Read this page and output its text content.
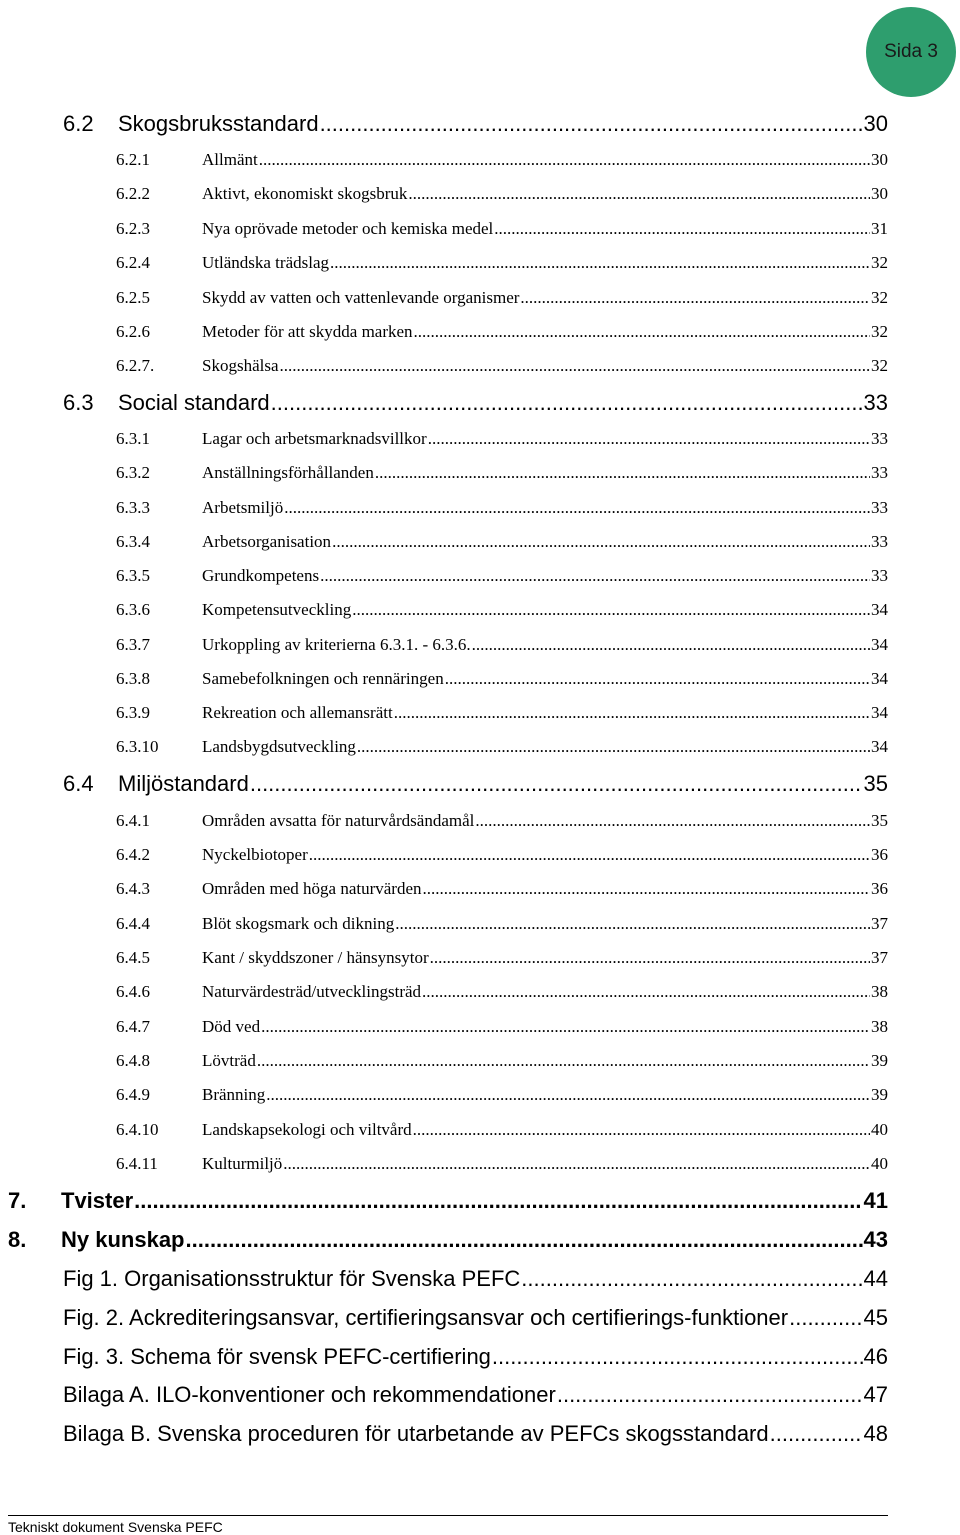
Sida 3
6.2	Skogsbruksstandard .....	30
6.2.1	Allmänt .....	30
6.2.2	Aktivt, ekonomiskt skogsbruk .....	30
6.2.3	Nya oprövade metoder och kemiska medel .....	31
6.2.4	Utländska trädslag .....	32
6.2.5	Skydd av vatten och vattenlevande organismer .....	32
6.2.6	Metoder för att skydda marken .....	32
6.2.7.	Skogshälsa .....	32
6.3	Social standard .....	33
6.3.1	Lagar och arbetsmarknadsvillkor .....	33
6.3.2	Anställningsförhållanden .....	33
6.3.3	Arbetsmiljö .....	33
6.3.4	Arbetsorganisation .....	33
6.3.5	Grundkompetens .....	33
6.3.6	Kompetensutveckling .....	34
6.3.7	Urkoppling av kriterierna 6.3.1. - 6.3.6. .....	34
6.3.8	Samebefolkningen och rennäringen .....	34
6.3.9	Rekreation och allemansrätt .....	34
6.3.10	Landsbygdsutveckling .....	34
6.4	Miljöstandard .....	35
6.4.1	Områden avsatta för naturvårdsändamål .....	35
6.4.2	Nyckelbiotoper .....	36
6.4.3	Områden med höga naturvärden .....	36
6.4.4	Blöt skogsmark och dikning .....	37
6.4.5	Kant / skyddszoner / hänsynsytor .....	37
6.4.6	Naturvärdesträd/utvecklingsträd .....	38
6.4.7	Död ved .....	38
6.4.8	Lövträd .....	39
6.4.9	Bränning .....	39
6.4.10	Landskapsekologi och viltvård .....	40
6.4.11	Kulturmiljö .....	40
7.	Tvister .....	41
8.	Ny kunskap .....	43
Fig 1. Organisationsstruktur för Svenska PEFC .....	44
Fig. 2. Ackrediteringsansvar, certifieringsansvar och certifierings-funktioner .....	45
Fig. 3. Schema för svensk PEFC-certifiering .....	46
Bilaga A. ILO-konventioner och rekommendationer .....	47
Bilaga B. Svenska proceduren för utarbetande av PEFCs skogsstandard .....	48
Tekniskt dokument Svenska PEFC
